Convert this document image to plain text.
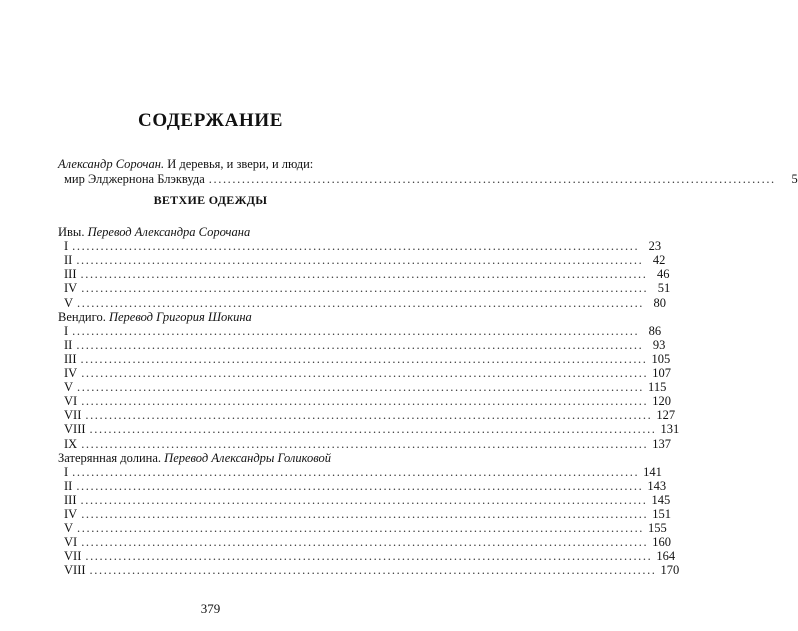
СОДЕРЖАНИЕ
Александр Сорочан. И деревья, и звери, и люди:
мир Элджернона Блэквуда ........................................................................................................................	5
ВЕТХИЕ ОДЕЖДЫ
Ивы. Перевод Александра Сорочана
I ........................................................................................................................ 23
II ........................................................................................................................ 42
III ........................................................................................................................ 46
IV ........................................................................................................................ 51
V ........................................................................................................................ 80
Вендиго. Перевод Григория Шокина
I ........................................................................................................................ 86
II ........................................................................................................................ 93
III ........................................................................................................................ 105
IV ........................................................................................................................ 107
V ........................................................................................................................ 115
VI ........................................................................................................................ 120
VII ........................................................................................................................ 127
VIII ........................................................................................................................ 131
IX ........................................................................................................................ 137
Затерянная долина. Перевод Александры Голиковой
I ........................................................................................................................ 141
II ........................................................................................................................ 143
III ........................................................................................................................ 145
IV ........................................................................................................................ 151
V ........................................................................................................................ 155
VI ........................................................................................................................ 160
VII ........................................................................................................................ 164
VIII ........................................................................................................................ 170
379
